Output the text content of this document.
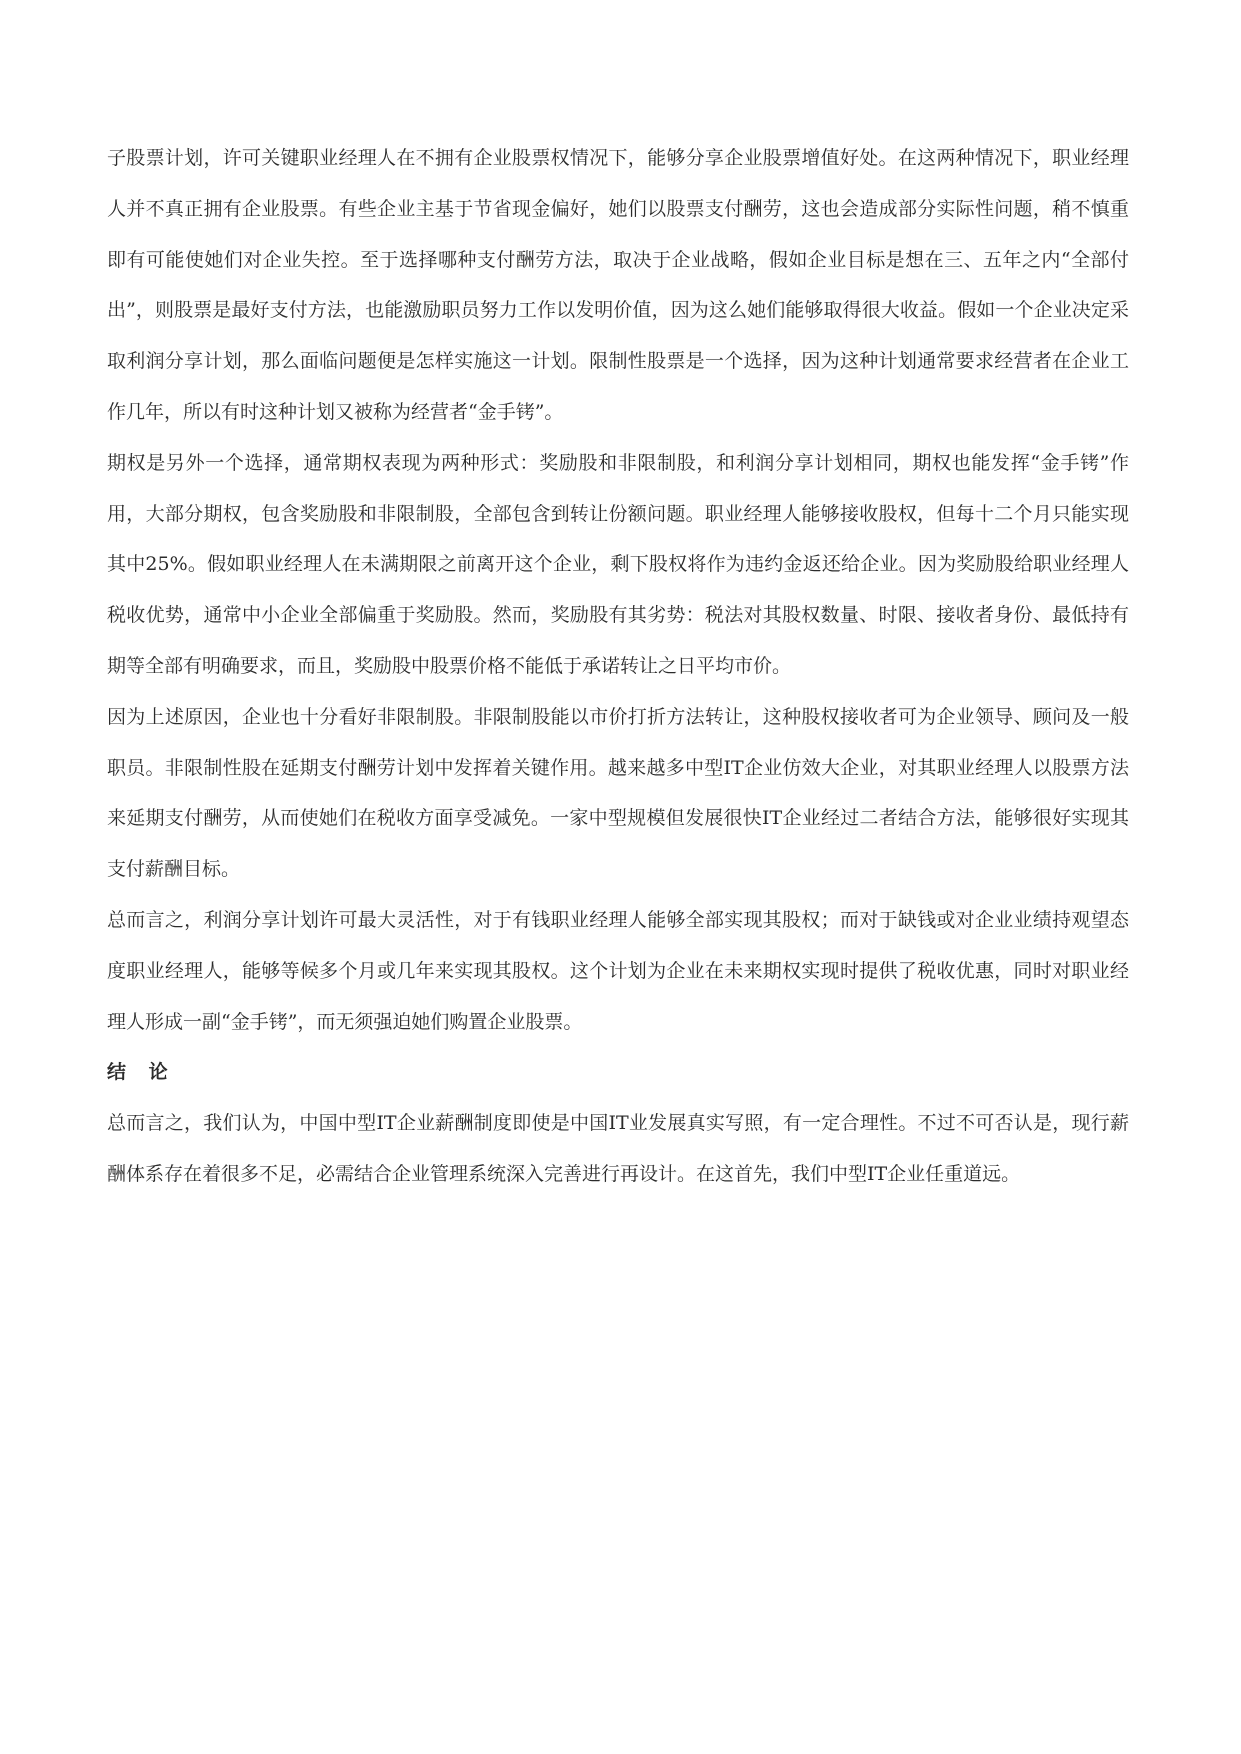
子股票计划，许可关键职业经理人在不拥有企业股票权情况下，能够分享企业股票增值好处。在这两种情况下，职业经理人并不真正拥有企业股票。有些企业主基于节省现金偏好，她们以股票支付酬劳，这也会造成部分实际性问题，稍不慎重即有可能使她们对企业失控。至于选择哪种支付酬劳方法，取决于企业战略，假如企业目标是想在三、五年之内“全部付出”，则股票是最好支付方法，也能激励职员努力工作以发明价值，因为这么她们能够取得很大收益。假如一个企业决定采取利润分享计划，那么面临问题便是怎样实施这一计划。限制性股票是一个选择，因为这种计划通常要求经营者在企业工作几年，所以有时这种计划又被称为经营者“金手铐”。

期权是另外一个选择，通常期权表现为两种形式：奖励股和非限制股，和利润分享计划相同，期权也能发挥“金手铐”作用，大部分期权，包含奖励股和非限制股，全部包含到转让份额问题。职业经理人能够接收股权，但每十二个月只能实现其中25%。假如职业经理人在未满期限之前离开这个企业，剩下股权将作为违约金返还给企业。因为奖励股给职业经理人税收优势，通常中小企业全部偏重于奖励股。然而，奖励股有其劣势：税法对其股权数量、时限、接收者身份、最低持有期等全部有明确要求，而且，奖励股中股票价格不能低于承诺转让之日平均市价。

因为上述原因，企业也十分看好非限制股。非限制股能以市价打折方法转让，这种股权接收者可为企业领导、顾问及一般职员。非限制性股在延期支付酬劳计划中发挥着关键作用。越来越多中型IT企业仿效大企业，对其职业经理人以股票方法来延期支付酬劳，从而使她们在税收方面享受减免。一家中型规模但发展很快IT企业经过二者结合方法，能够很好实现其支付薪酬目标。

总而言之，利润分享计划许可最大灵活性，对于有钱职业经理人能够全部实现其股权；而对于缺钱或对企业业绩持观望态度职业经理人，能够等候多个月或几年来实现其股权。这个计划为企业在未来期权实现时提供了税收优惠，同时对职业经理人形成一副“金手铐”，而无须强迫她们购置企业股票。

结 论

总而言之，我们认为，中国中型IT企业薪酬制度即使是中国IT业发展真实写照，有一定合理性。不过不可否认是，现行薪酬体系存在着很多不足，必需结合企业管理系统深入完善进行再设计。在这首先，我们中型IT企业任重道远。
